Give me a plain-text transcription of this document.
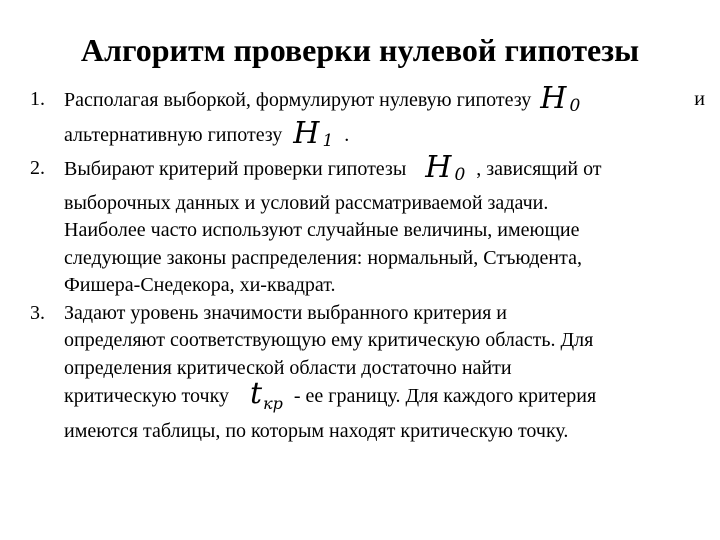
Алгоритм проверки нулевой гипотезы
1. Располагая выборкой, формулируют нулевую гипотезу H $_0$	и
альтернативную гипотезу H $_1$ .
2. Выбирают критерий проверки гипотезы H $_0$ , зависящий от
выборочных данных и условий рассматриваемой задачи.
Наиболее часто используют случайные величины, имеющие
следующие законы распределения: нормальный, Стъюдента,
Фишера-Снедекора, хи-квадрат.
3. Задают уровень значимости выбранного критерия и
определяют соответствующую ему критическую область. Для
определения критической области достаточно найти
критическую точку $t_{кр}$ - ее границу. Для каждого критерия
имеются таблицы, по которым находят критическую точку.
